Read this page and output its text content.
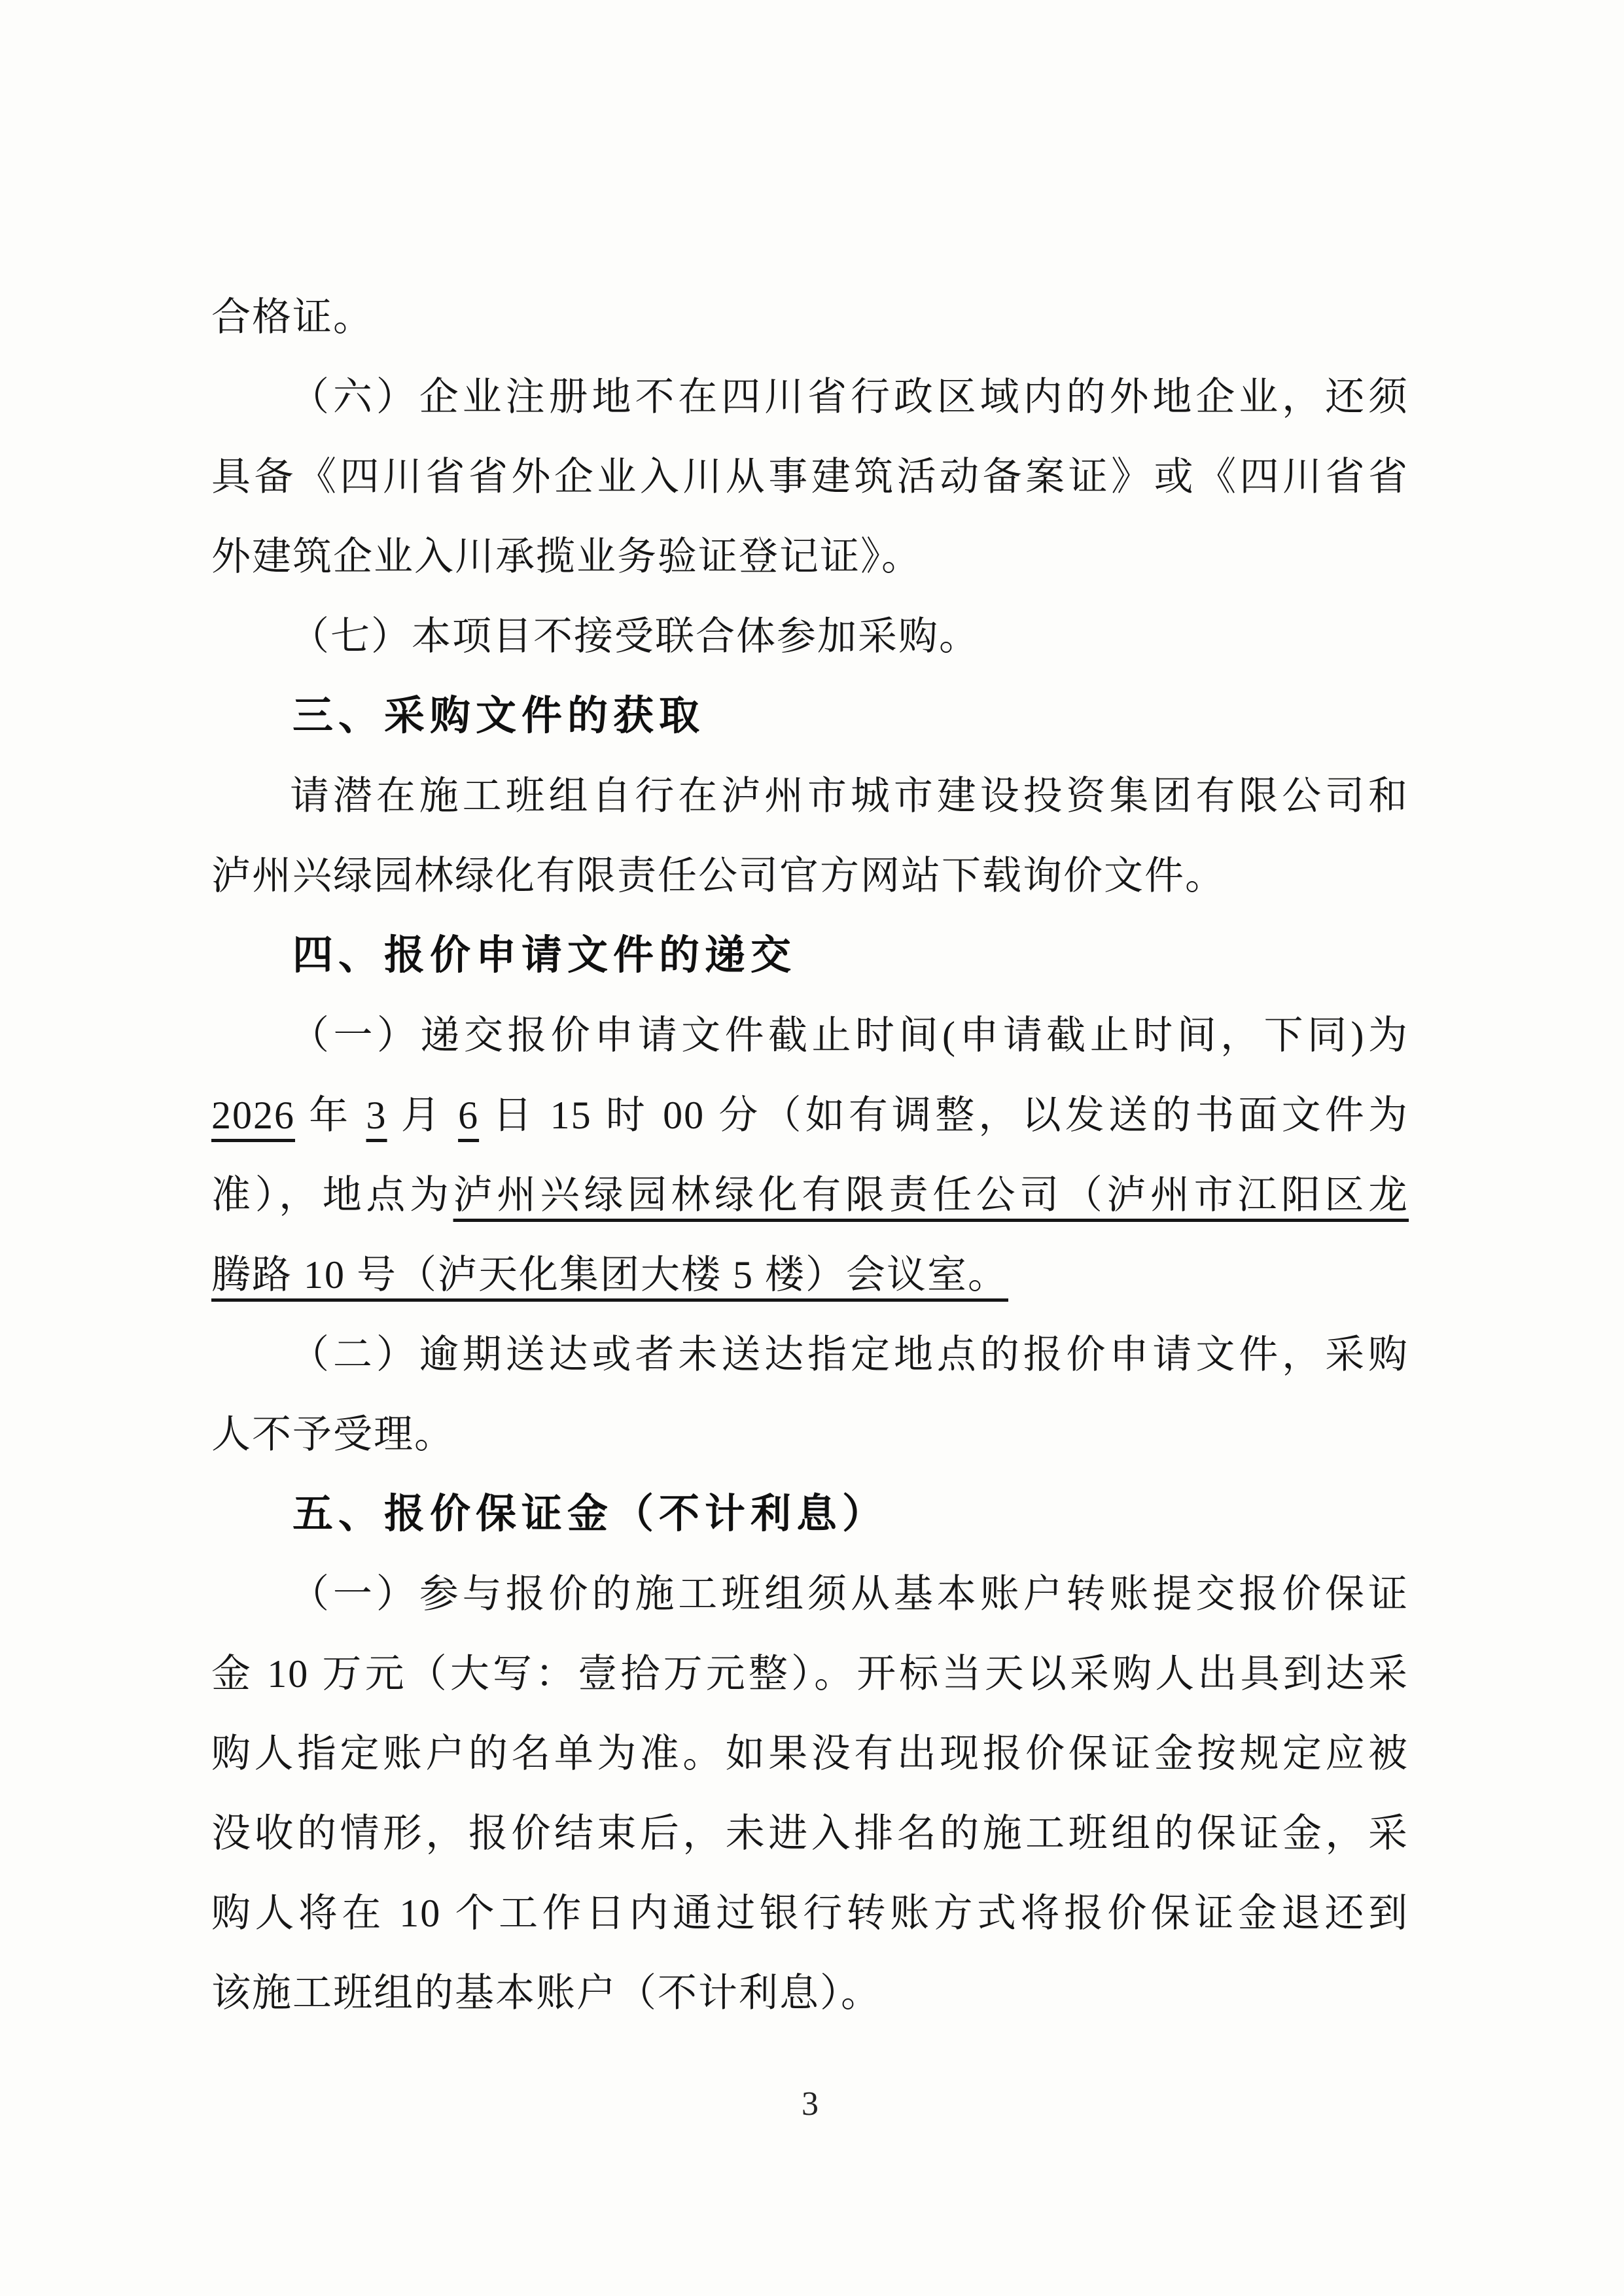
合格证。
（六）企业注册地不在四川省行政区域内的外地企业，还须
具备《四川省省外企业入川从事建筑活动备案证》或《四川省省
外建筑企业入川承揽业务验证登记证》。
（七）本项目不接受联合体参加采购。
三、采购文件的获取
请潜在施工班组自行在泸州市城市建设投资集团有限公司和
泸州兴绿园林绿化有限责任公司官方网站下载询价文件。
四、报价申请文件的递交
（一）递交报价申请文件截止时间(申请截止时间，下同)为
2026 年 3 月 6 日 15 时 00 分（如有调整，以发送的书面文件为
准），地点为泸州兴绿园林绿化有限责任公司（泸州市江阳区龙
腾路 10 号（泸天化集团大楼 5 楼）会议室。
（二）逾期送达或者未送达指定地点的报价申请文件，采购
人不予受理。
五、报价保证金（不计利息）
（一）参与报价的施工班组须从基本账户转账提交报价保证
金 10 万元（大写：壹拾万元整）。开标当天以采购人出具到达采
购人指定账户的名单为准。如果没有出现报价保证金按规定应被
没收的情形，报价结束后，未进入排名的施工班组的保证金，采
购人将在 10 个工作日内通过银行转账方式将报价保证金退还到
该施工班组的基本账户（不计利息）。
3
